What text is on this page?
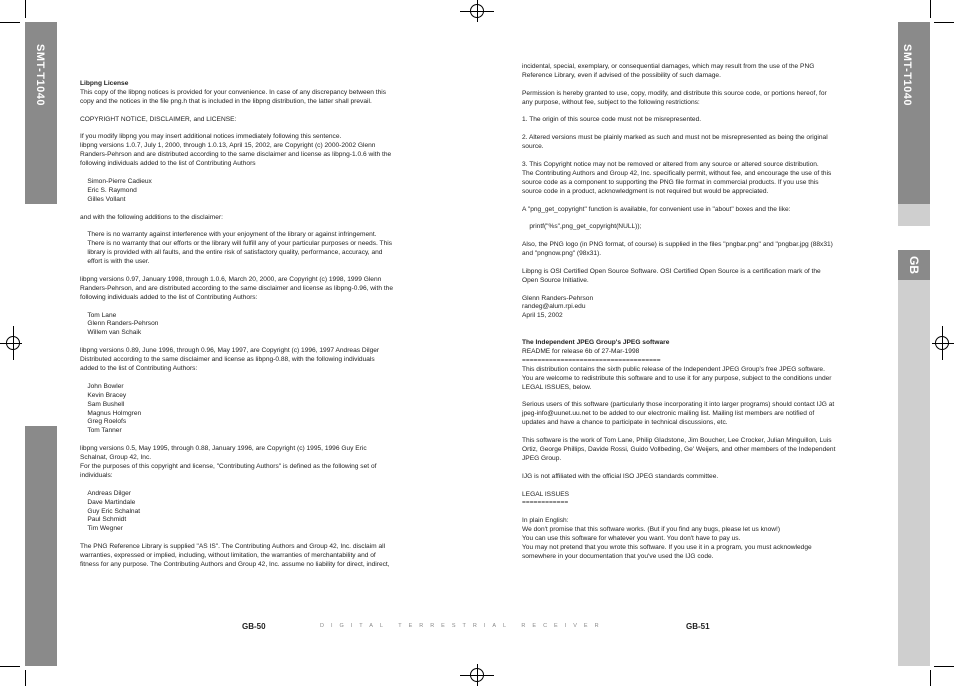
SMT-T1040	SMT-T1040
GB

Libpng License

This copy of the libpng notices is provided for your convenience. In case of any discrepancy between this

copy and the notices in the file png.h that is included in the libpng distribution, the latter shall prevail.

COPYRIGHT NOTICE, DISCLAIMER, and LICENSE:

If you modify libpng you may insert additional notices immediately following this sentence.

libpng versions 1.0.7, July 1, 2000, through 1.0.13, April 15, 2002, are Copyright (c) 2000-2002 Glenn

Randers-Pehrson and are distributed according to the same disclaimer and license as libpng-1.0.6 with the

following individuals added to the list of Contributing Authors

Simon-Pierre Cadieux

Eric S. Raymond

Gilles Vollant

and with the following additions to the disclaimer:

There is no warranty against interference with your enjoyment of the library or against infringement.

There is no warranty that our efforts or the library will fulfill any of your particular purposes or needs. This

library is provided with all faults, and the entire risk of satisfactory quality, performance, accuracy, and

effort is with the user.

libpng versions 0.97, January 1998, through 1.0.6, March 20, 2000, are Copyright (c) 1998, 1999 Glenn

Randers-Pehrson, and are distributed according to the same disclaimer and license as libpng-0.96, with the

following individuals added to the list of Contributing Authors:

Tom Lane

Glenn Randers-Pehrson

Willem van Schaik

libpng versions 0.89, June 1996, through 0.96, May 1997, are Copyright (c) 1996, 1997 Andreas Dilger

Distributed according to the same disclaimer and license as libpng-0.88, with the following individuals

added to the list of Contributing Authors:

John Bowler

Kevin Bracey

Sam Bushell

Magnus Holmgren

Greg Roelofs

Tom Tanner

libpng versions 0.5, May 1995, through 0.88, January 1996, are Copyright (c) 1995, 1996 Guy Eric

Schalnat, Group 42, Inc.

For the purposes of this copyright and license, "Contributing Authors" is defined as the following set of

individuals:

Andreas Dilger

Dave Martindale

Guy Eric Schalnat

Paul Schmidt

Tim Wegner

The PNG Reference Library is supplied "AS IS". The Contributing Authors and Group 42, Inc. disclaim all

warranties, expressed or implied, including, without limitation, the warranties of merchantability and of

fitness for any purpose. The Contributing Authors and Group 42, Inc. assume no liability for direct, indirect,

incidental, special, exemplary, or consequential damages, which may result from the use of the PNG

Reference Library, even if advised of the possibility of such damage.

Permission is hereby granted to use, copy, modify, and distribute this source code, or portions hereof, for

any purpose, without fee, subject to the following restrictions:

1. The origin of this source code must not be misrepresented.

2. Altered versions must be plainly marked as such and must not be misrepresented as being the original

source.

3. This Copyright notice may not be removed or altered from any source or altered source distribution.

The Contributing Authors and Group 42, Inc. specifically permit, without fee, and encourage the use of this

source code as a component to supporting the PNG file format in commercial products. If you use this

source code in a product, acknowledgment is not required but would be appreciated.

A "png_get_copyright" function is available, for convenient use in "about" boxes and the like:

printf("%s",png_get_copyright(NULL));

Also, the PNG logo (in PNG format, of course) is supplied in the files "pngbar.png" and "pngbar.jpg (88x31)

and "pngnow.png" (98x31).

Libpng is OSI Certified Open Source Software. OSI Certified Open Source is a certification mark of the

Open Source Initiative.

Glenn Randers-Pehrson

randeg@alum.rpi.edu

April 15, 2002

The Independent JPEG Group's JPEG software

README for release 6b of 27-Mar-1998

====================================

This distribution contains the sixth public release of the Independent JPEG Group's free JPEG software.

You are welcome to redistribute this software and to use it for any purpose, subject to the conditions under

LEGAL ISSUES, below.

Serious users of this software (particularly those incorporating it into larger programs) should contact IJG at

jpeg-info@uunet.uu.net to be added to our electronic mailing list. Mailing list members are notified of

updates and have a chance to participate in technical discussions, etc.

This software is the work of Tom Lane, Philip Gladstone, Jim Boucher, Lee Crocker, Julian Minguillon, Luis

Ortiz, George Phillips, Davide Rossi, Guido Vollbeding, Ge' Weijers, and other members of the Independent

JPEG Group.

IJG is not affiliated with the official ISO JPEG standards committee.

LEGAL ISSUES

============

In plain English:

We don't promise that this software works. (But if you find any bugs, please let us know!)

You can use this software for whatever you want. You don't have to pay us.

You may not pretend that you wrote this software. If you use it in a program, you must acknowledge

somewhere in your documentation that you've used the IJG code.

GB-50	DIGITAL TERRESTRIAL RECEIVER	GB-51
